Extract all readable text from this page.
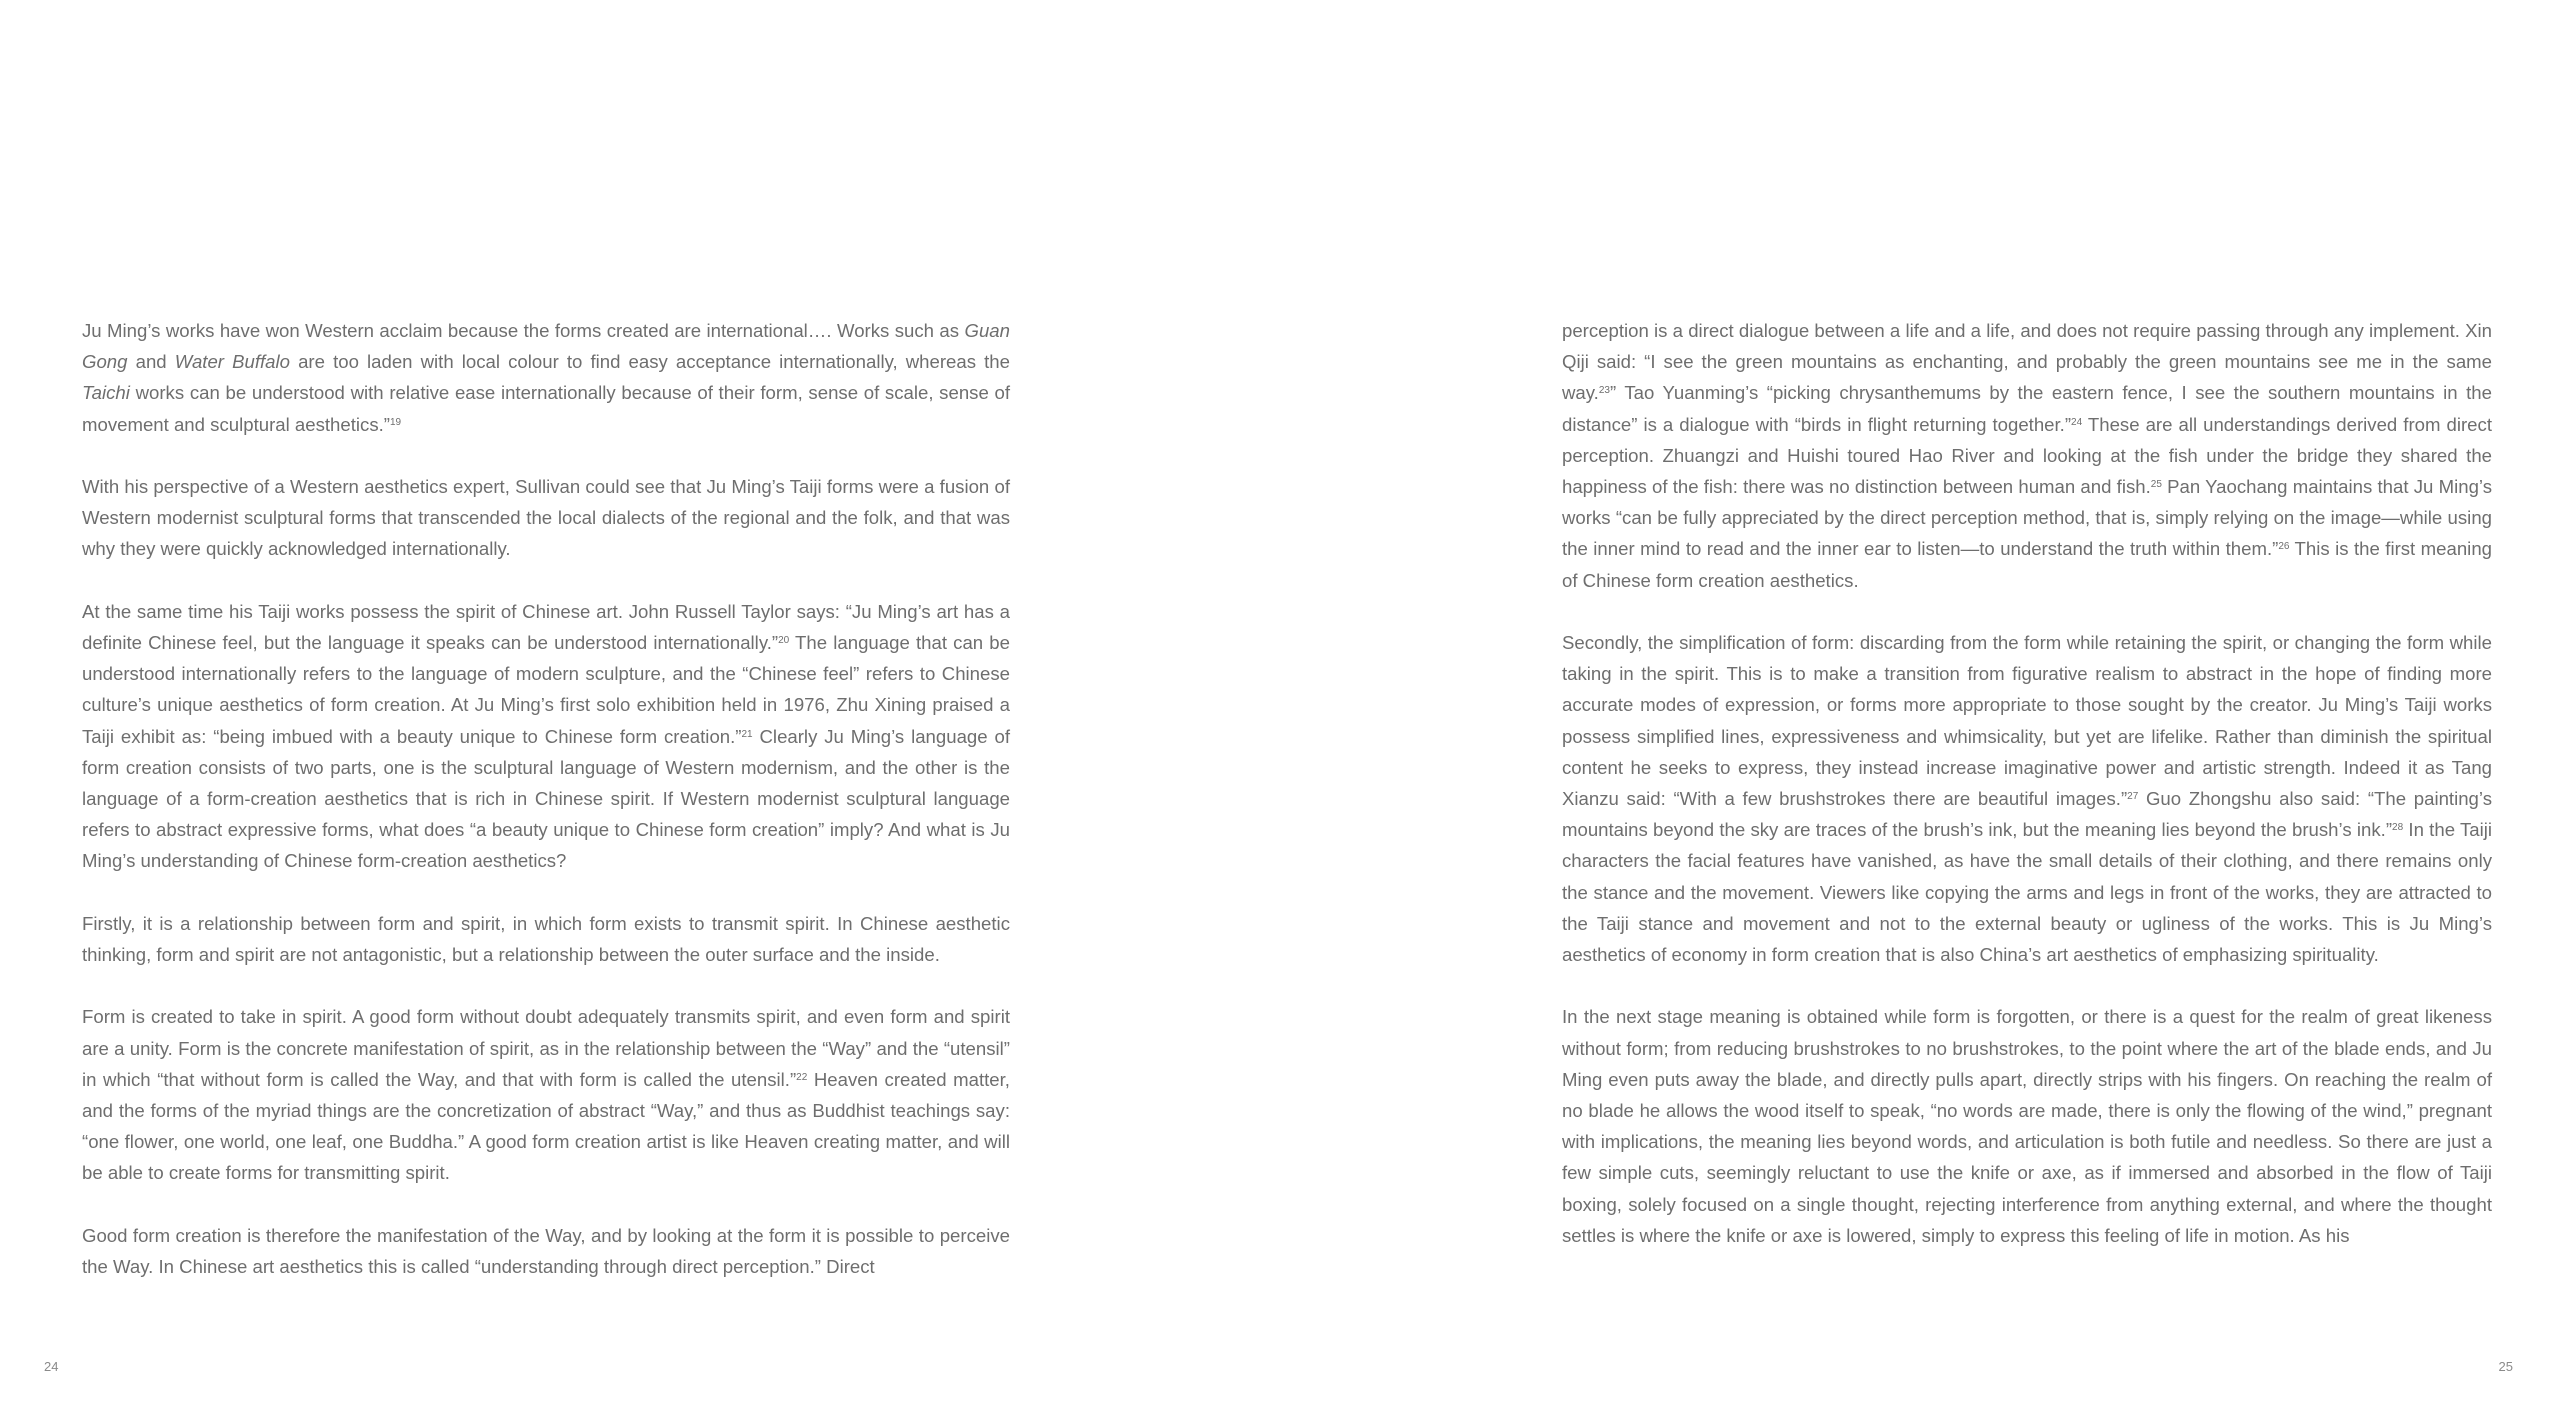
Ju Ming’s works have won Western acclaim because the forms created are international…. Works such as Guan Gong and Water Buffalo are too laden with local colour to find easy acceptance internationally, whereas the Taichi works can be understood with relative ease internationally because of their form, sense of scale, sense of movement and sculptural aesthetics.”$^{19}$

With his perspective of a Western aesthetics expert, Sullivan could see that Ju Ming’s Taiji forms were a fusion of Western modernist sculptural forms that transcended the local dialects of the regional and the folk, and that was why they were quickly acknowledged internationally.

At the same time his Taiji works possess the spirit of Chinese art. John Russell Taylor says: “Ju Ming’s art has a definite Chinese feel, but the language it speaks can be understood internationally.”$^{20}$ The language that can be understood internationally refers to the language of modern sculpture, and the “Chinese feel” refers to Chinese culture’s unique aesthetics of form creation. At Ju Ming’s first solo exhibition held in 1976, Zhu Xining praised a Taiji exhibit as: “being imbued with a beauty unique to Chinese form creation.”$^{21}$ Clearly Ju Ming’s language of form creation consists of two parts, one is the sculptural language of Western modernism, and the other is the language of a form-creation aesthetics that is rich in Chinese spirit. If Western modernist sculptural language refers to abstract expressive forms, what does “a beauty unique to Chinese form creation” imply? And what is Ju Ming’s understanding of Chinese form-creation aesthetics?

Firstly, it is a relationship between form and spirit, in which form exists to transmit spirit. In Chinese aesthetic thinking, form and spirit are not antagonistic, but a relationship between the outer surface and the inside.

Form is created to take in spirit. A good form without doubt adequately transmits spirit, and even form and spirit are a unity. Form is the concrete manifestation of spirit, as in the relationship between the “Way” and the “utensil” in which “that without form is called the Way, and that with form is called the utensil.”$^{22}$ Heaven created matter, and the forms of the myriad things are the concretization of abstract “Way,” and thus as Buddhist teachings say: “one flower, one world, one leaf, one Buddha.” A good form creation artist is like Heaven creating matter, and will be able to create forms for transmitting spirit.

Good form creation is therefore the manifestation of the Way, and by looking at the form it is possible to perceive the Way. In Chinese art aesthetics this is called “understanding through direct perception.” Direct

24

perception is a direct dialogue between a life and a life, and does not require passing through any implement. Xin Qiji said: “I see the green mountains as enchanting, and probably the green mountains see me in the same way.$^{23}$” Tao Yuanming’s “picking chrysanthemums by the eastern fence, I see the southern mountains in the distance” is a dialogue with “birds in flight returning together.”$^{24}$ These are all understandings derived from direct perception. Zhuangzi and Huishi toured Hao River and looking at the fish under the bridge they shared the happiness of the fish: there was no distinction between human and fish.$^{25}$ Pan Yaochang maintains that Ju Ming’s works “can be fully appreciated by the direct perception method, that is, simply relying on the image—while using the inner mind to read and the inner ear to listen—to understand the truth within them.”$^{26}$ This is the first meaning of Chinese form creation aesthetics.

Secondly, the simplification of form: discarding from the form while retaining the spirit, or changing the form while taking in the spirit. This is to make a transition from figurative realism to abstract in the hope of finding more accurate modes of expression, or forms more appropriate to those sought by the creator. Ju Ming’s Taiji works possess simplified lines, expressiveness and whimsicality, but yet are lifelike. Rather than diminish the spiritual content he seeks to express, they instead increase imaginative power and artistic strength. Indeed it as Tang Xianzu said: “With a few brushstrokes there are beautiful images.”$^{27}$ Guo Zhongshu also said: “The painting’s mountains beyond the sky are traces of the brush’s ink, but the meaning lies beyond the brush’s ink.”$^{28}$ In the Taiji characters the facial features have vanished, as have the small details of their clothing, and there remains only the stance and the movement. Viewers like copying the arms and legs in front of the works, they are attracted to the Taiji stance and movement and not to the external beauty or ugliness of the works. This is Ju Ming’s aesthetics of economy in form creation that is also China’s art aesthetics of emphasizing spirituality.

In the next stage meaning is obtained while form is forgotten, or there is a quest for the realm of great likeness without form; from reducing brushstrokes to no brushstrokes, to the point where the art of the blade ends, and Ju Ming even puts away the blade, and directly pulls apart, directly strips with his fingers. On reaching the realm of no blade he allows the wood itself to speak, “no words are made, there is only the flowing of the wind,” pregnant with implications, the meaning lies beyond words, and articulation is both futile and needless. So there are just a few simple cuts, seemingly reluctant to use the knife or axe, as if immersed and absorbed in the flow of Taiji boxing, solely focused on a single thought, rejecting interference from anything external, and where the thought settles is where the knife or axe is lowered, simply to express this feeling of life in motion. As his

25
